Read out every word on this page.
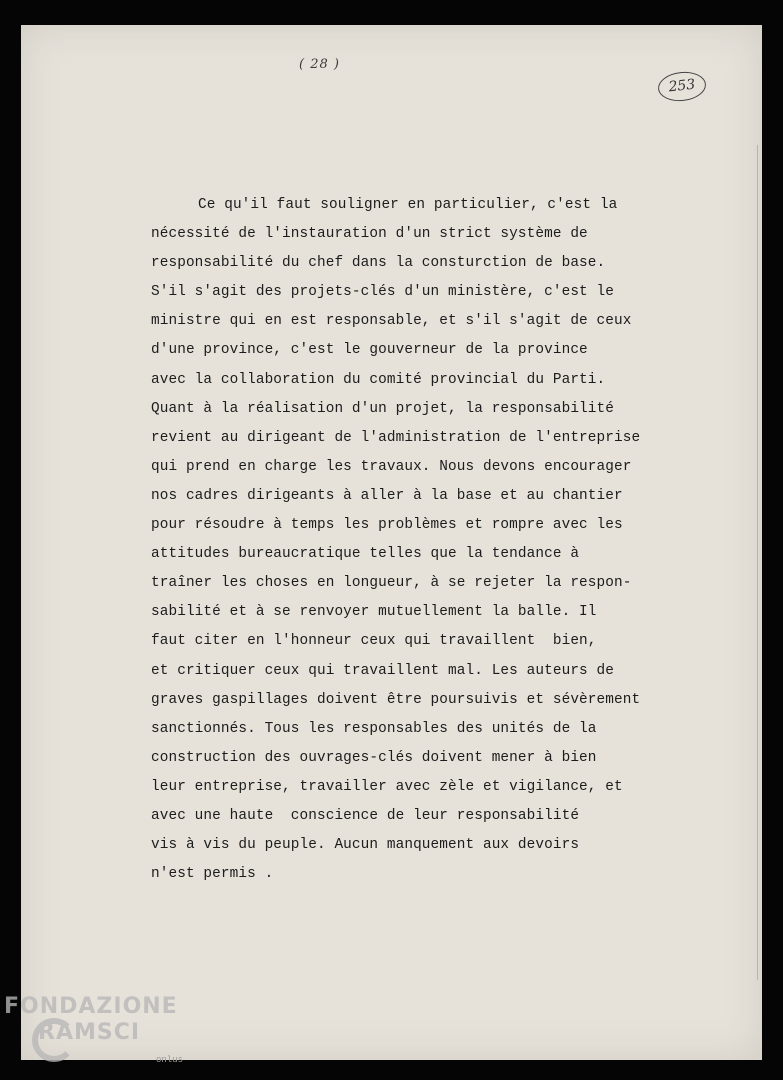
( 28 )
253
Ce qu'il faut souligner en particulier, c'est la
nécessité de l'instauration d'un strict système de
responsabilité du chef dans la consturction de base.
S'il s'agit des projets-clés d'un ministère, c'est le
ministre qui en est responsable, et s'il s'agit de ceux
d'une province, c'est le gouverneur de la province
avec la collaboration du comité provincial du Parti.
Quant à la réalisation d'un projet, la responsabilité
revient au dirigeant de l'administration de l'entreprise
qui prend en charge les travaux. Nous devons encourager
nos cadres dirigeants à aller à la base et au chantier
pour résoudre à temps les problèmes et rompre avec les
attitudes bureaucratique telles que la tendance à
traîner les choses en longueur, à se rejeter la respon-
sabilité et à se renvoyer mutuellement la balle. Il
faut citer en l'honneur ceux qui travaillent  bien,
et critiquer ceux qui travaillent mal. Les auteurs de
graves gaspillages doivent être poursuivis et sévèrement
sanctionnés. Tous les responsables des unités de la
construction des ouvrages-clés doivent mener à bien
leur entreprise, travailler avec zèle et vigilance, et
avec une haute  conscience de leur responsabilité
vis à vis du peuple. Aucun manquement aux devoirs
n'est permis .
FONDAZIONE
RAMSCI
onlus
